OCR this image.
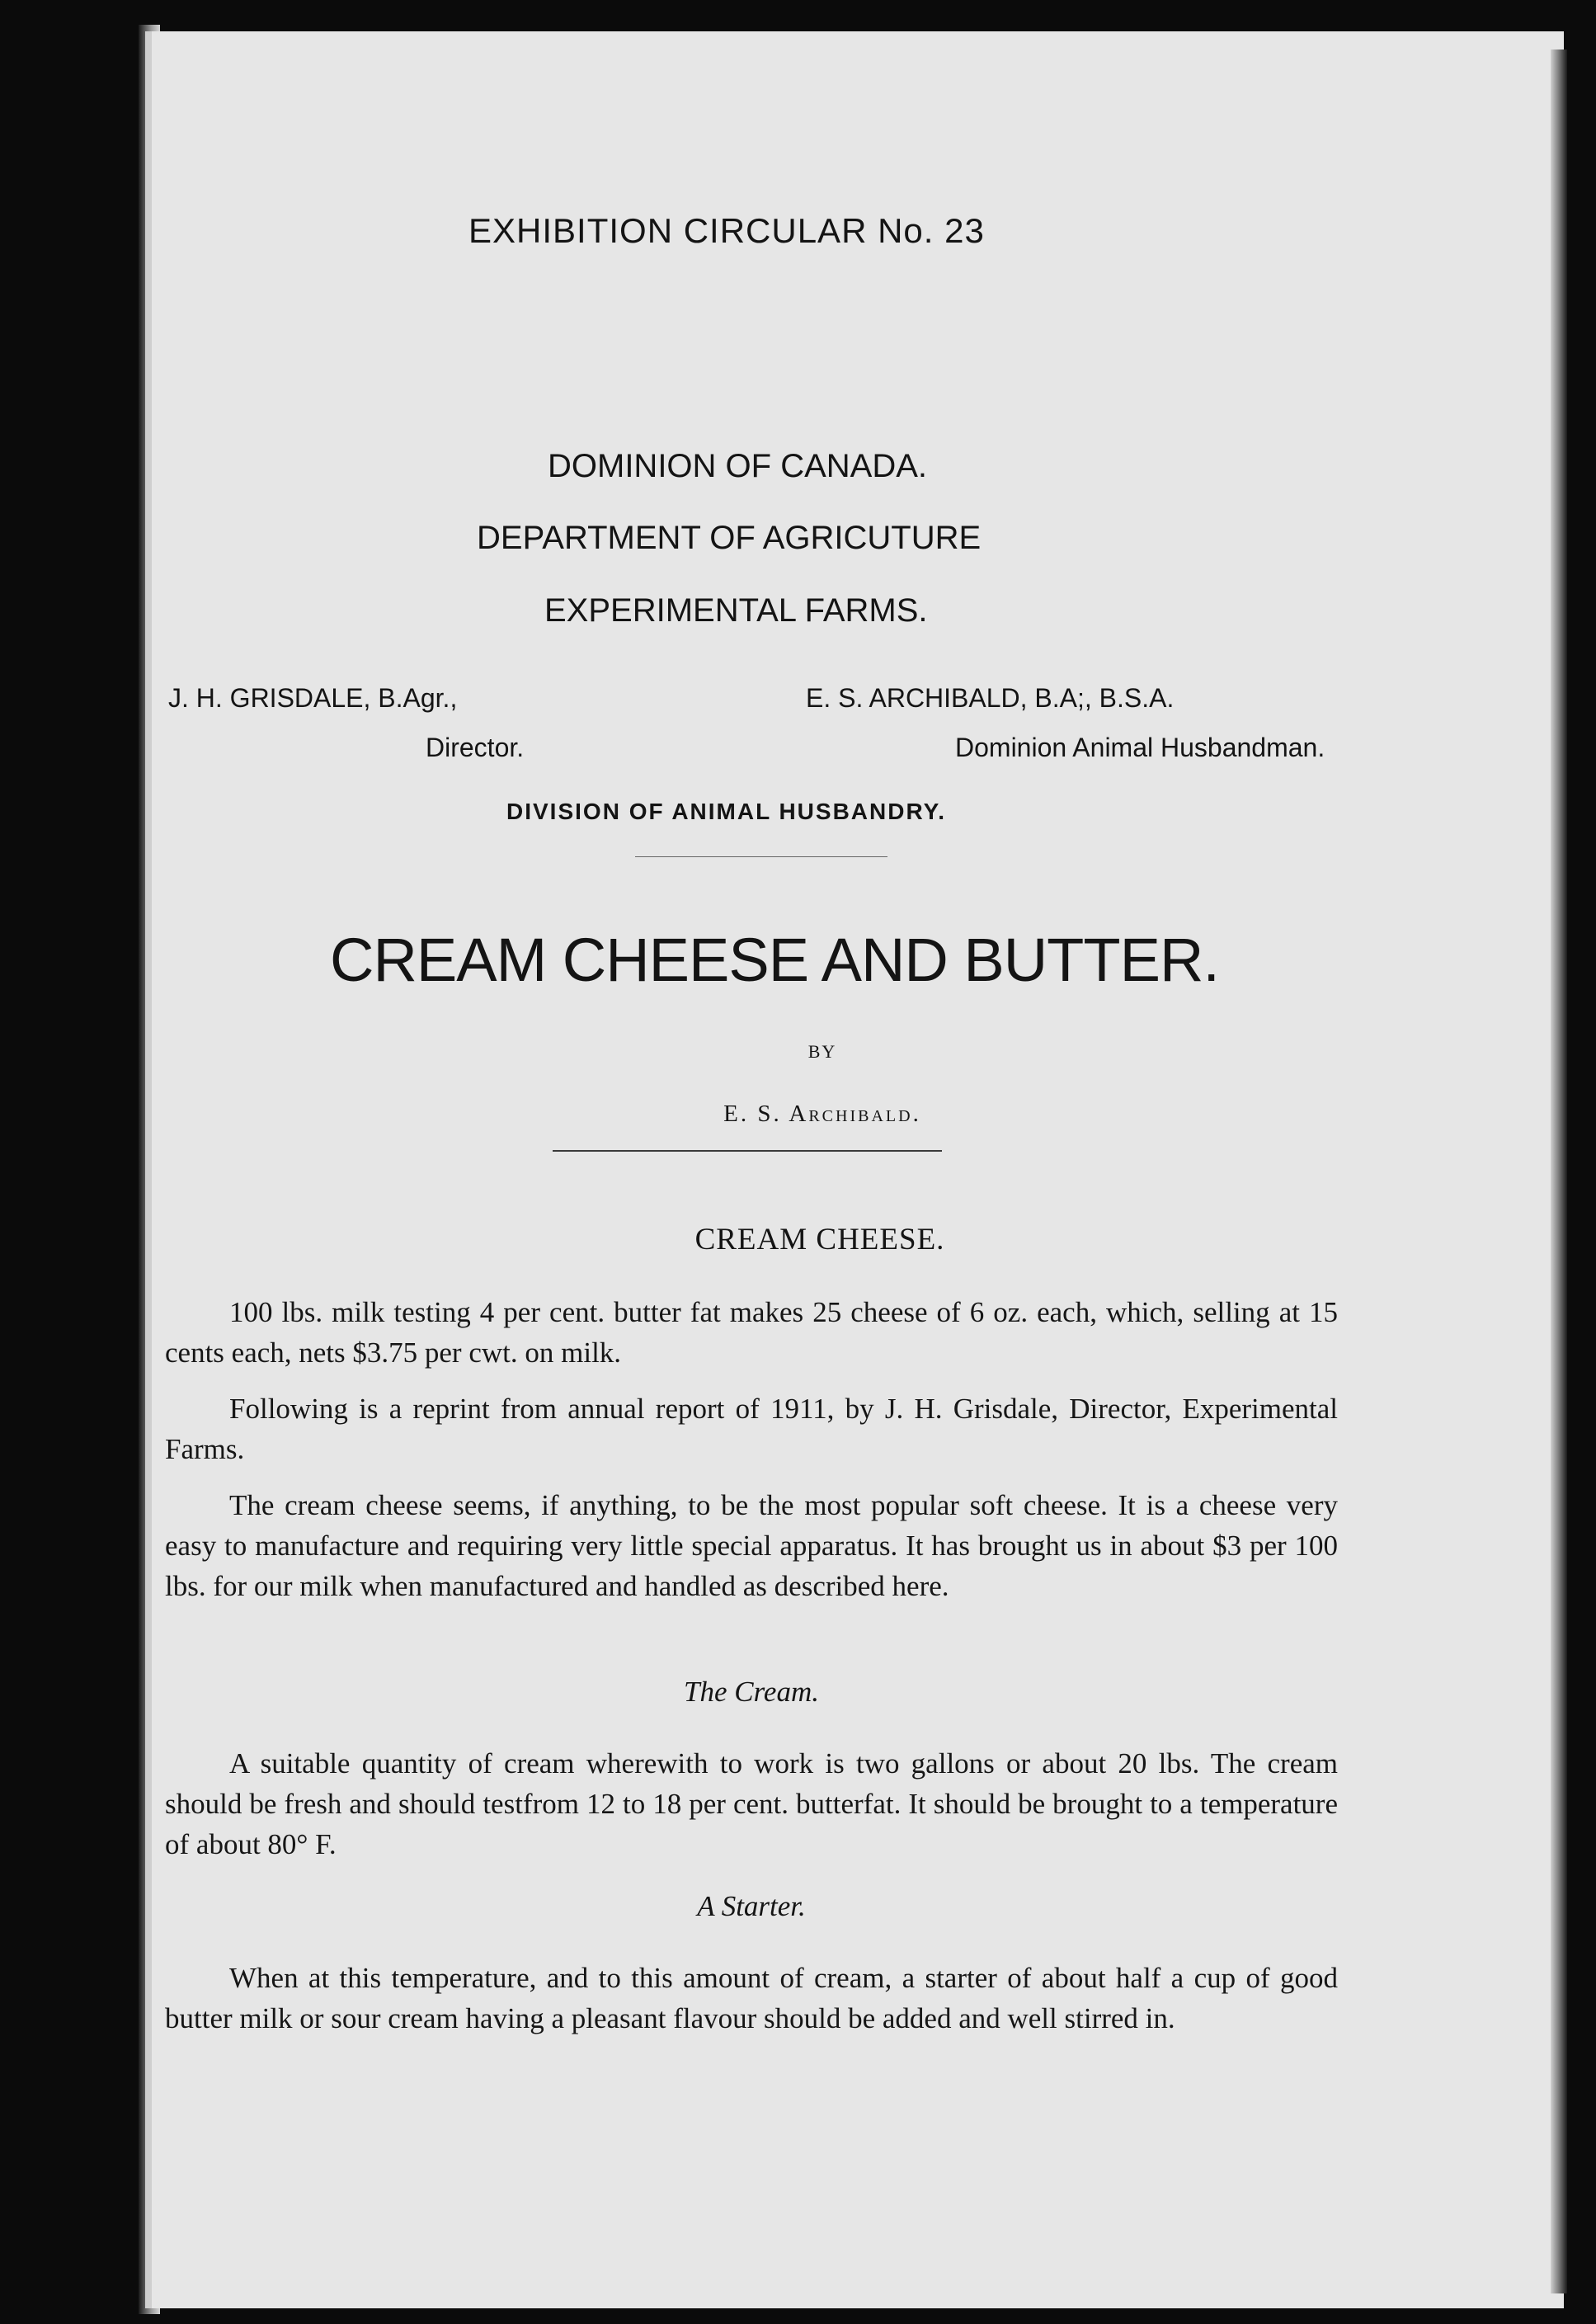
EXHIBITION CIRCULAR No. 23

DOMINION OF CANADA.

DEPARTMENT OF AGRICUTURE

EXPERIMENTAL FARMS.

J. H. GRISDALE, B.Agr.,

Director.

E. S. ARCHIBALD, B.A;, B.S.A.

Dominion Animal Husbandman.

DIVISION OF ANIMAL HUSBANDRY.

CREAM CHEESE AND BUTTER.

BY

E. S. Archibald.

CREAM CHEESE.

100 lbs. milk testing 4 per cent. butter fat makes 25 cheese of 6 oz. each, which, selling at 15 cents each, nets $3.75 per cwt. on milk.

Following is a reprint from annual report of 1911, by J. H. Grisdale, Director, Experimental Farms.

The cream cheese seems, if anything, to be the most popular soft cheese. It is a cheese very easy to manufacture and requiring very little special apparatus. It has brought us in about $3 per 100 lbs. for our milk when manufactured and handled as described here.

The Cream.

A suitable quantity of cream wherewith to work is two gallons or about 20 lbs. The cream should be fresh and should testfrom 12 to 18 per cent. butterfat. It should be brought to a temperature of about 80° F.

A Starter.

When at this temperature, and to this amount of cream, a starter of about half a cup of good butter milk or sour cream having a pleasant flavour should be added and well stirred in.
